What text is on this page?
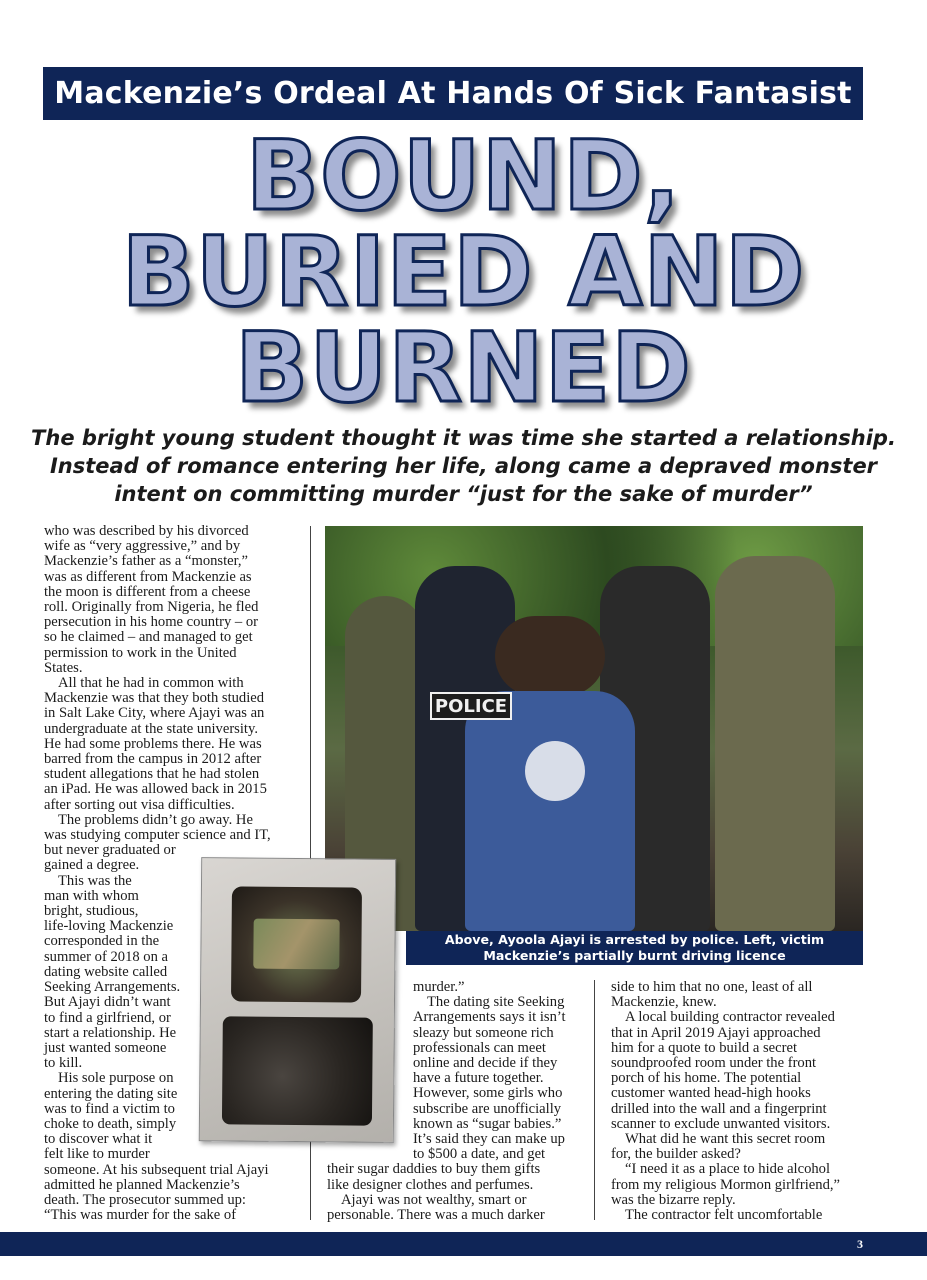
Mackenzie’s Ordeal At Hands Of Sick Fantasist
BOUND,
BURIED AND
BURNED
The bright young student thought it was time she started a relationship.
Instead of romance entering her life, along came a depraved monster
intent on committing murder “just for the sake of murder”
who was described by his divorced
wife as “very aggressive,” and by
Mackenzie’s father as a “monster,”
was as different from Mackenzie as
the moon is different from a cheese
roll. Originally from Nigeria, he fled
persecution in his home country – or
so he claimed – and managed to get
permission to work in the United
States.
All that he had in common with
Mackenzie was that they both studied
in Salt Lake City, where Ajayi was an
undergraduate at the state university.
He had some problems there. He was
barred from the campus in 2012 after
student allegations that he had stolen
an iPad. He was allowed back in 2015
after sorting out visa difficulties.
The problems didn’t go away. He
was studying computer science and IT,
but never graduated or
gained a degree.
This was the
man with whom
bright, studious,
life-loving Mackenzie
corresponded in the
summer of 2018 on a
dating website called
Seeking Arrangements.
But Ajayi didn’t want
to find a girlfriend, or
start a relationship. He
just wanted someone
to kill.
His sole purpose on
entering the dating site
was to find a victim to
choke to death, simply
to discover what it
felt like to murder
someone. At his subsequent trial Ajayi
admitted he planned Mackenzie’s
death. The prosecutor summed up:
“This was murder for the sake of
POLICE
Above, Ayoola Ajayi is arrested by police. Left, victim
Mackenzie’s partially burnt driving licence
murder.”
The dating site Seeking
Arrangements says it isn’t
sleazy but someone rich
professionals can meet
online and decide if they
have a future together.
However, some girls who
subscribe are unofficially
known as “sugar babies.”
It’s said they can make up
to $500 a date, and get
their sugar daddies to buy them gifts
like designer clothes and perfumes.
Ajayi was not wealthy, smart or
personable. There was a much darker
side to him that no one, least of all
Mackenzie, knew.
A local building contractor revealed
that in April 2019 Ajayi approached
him for a quote to build a secret
soundproofed room under the front
porch of his home. The potential
customer wanted head-high hooks
drilled into the wall and a fingerprint
scanner to exclude unwanted visitors.
What did he want this secret room
for, the builder asked?
“I need it as a place to hide alcohol
from my religious Mormon girlfriend,”
was the bizarre reply.
The contractor felt uncomfortable
3
